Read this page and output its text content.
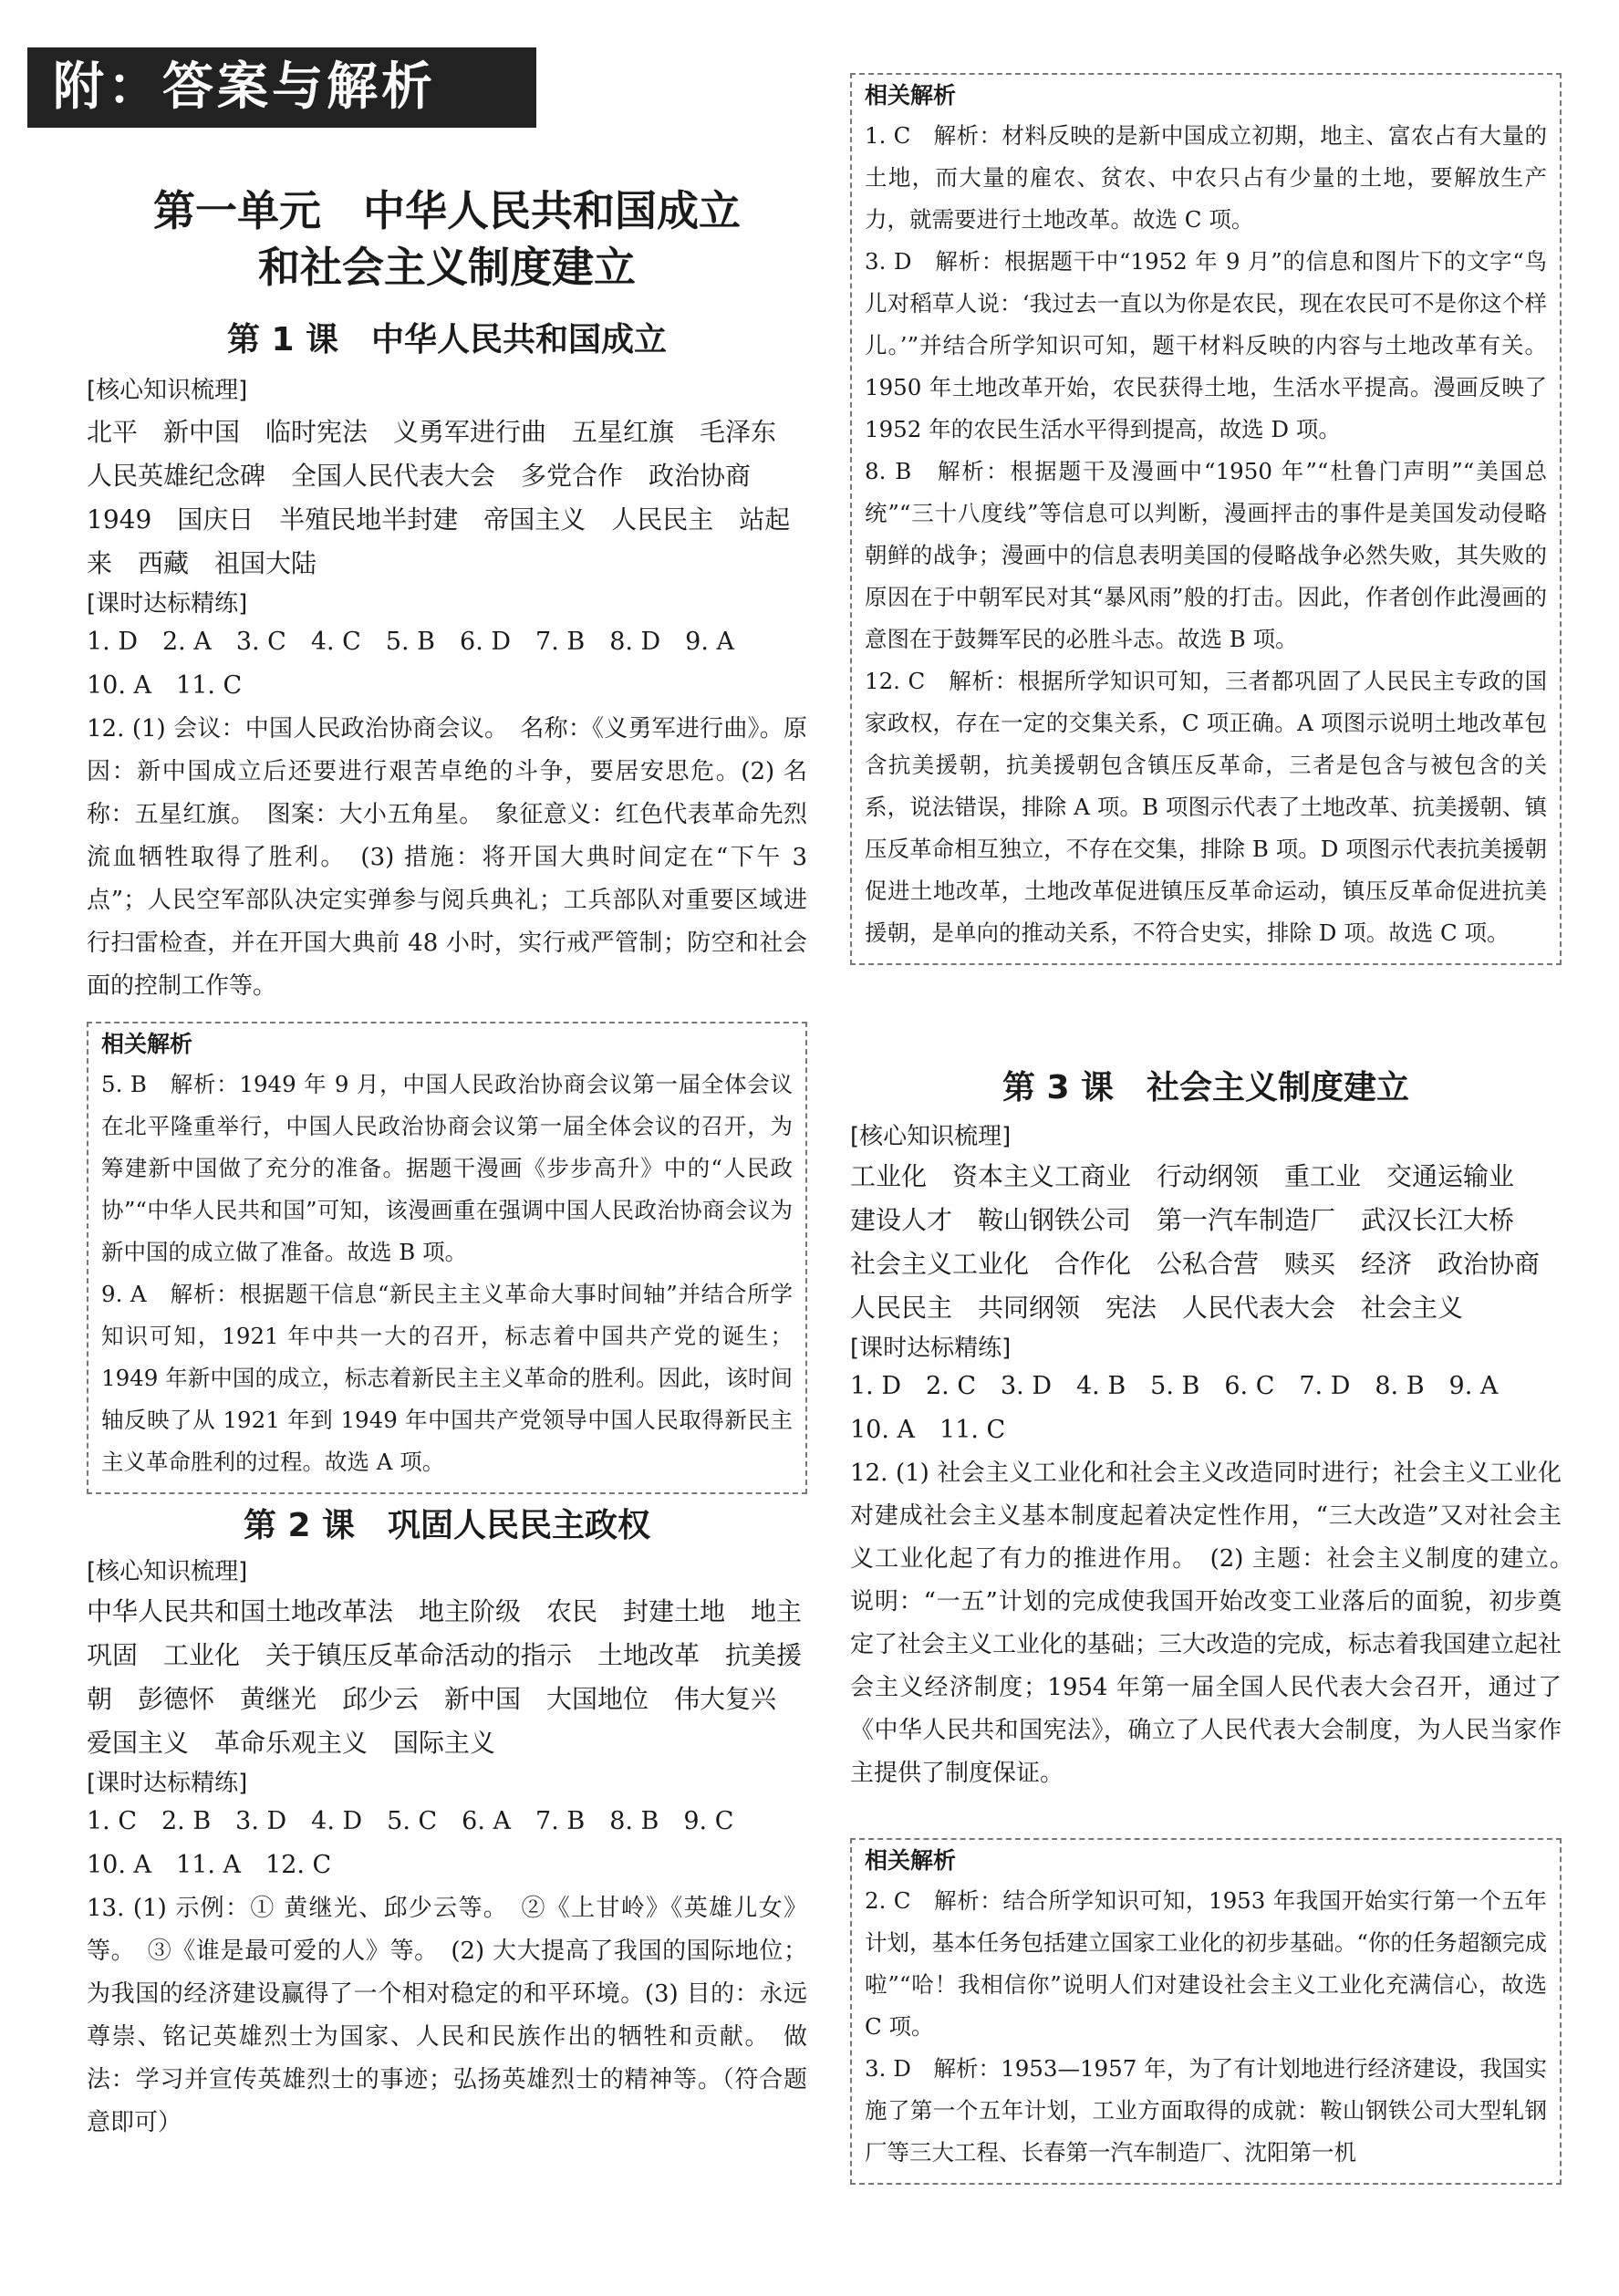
附：答案与解析
第一单元　中华人民共和国成立
和社会主义制度建立
第 1 课　中华人民共和国成立
[核心知识梳理]
北平　新中国　临时宪法　义勇军进行曲　五星红旗　毛泽东　人民英雄纪念碑　全国人民代表大会　多党合作　政治协商　1949　国庆日　半殖民地半封建　帝国主义　人民民主　站起来　西藏　祖国大陆
[课时达标精练]
1. D　2. A　3. C　4. C　5. B　6. D　7. B　8. D　9. A
10. A　11. C
12. (1) 会议：中国人民政治协商会议。　名称：《义勇军进行曲》。原因：新中国成立后还要进行艰苦卓绝的斗争，要居安思危。(2) 名称：五星红旗。　图案：大小五角星。　象征意义：红色代表革命先烈流血牺牲取得了胜利。　(3) 措施：将开国大典时间定在“下午 3 点”；人民空军部队决定实弹参与阅兵典礼；工兵部队对重要区域进行扫雷检查，并在开国大典前 48 小时，实行戒严管制；防空和社会面的控制工作等。
相关解析
5. B　解析：1949 年 9 月，中国人民政治协商会议第一届全体会议在北平隆重举行，中国人民政治协商会议第一届全体会议的召开，为筹建新中国做了充分的准备。据题干漫画《步步高升》中的“人民政协”“中华人民共和国”可知，该漫画重在强调中国人民政治协商会议为新中国的成立做了准备。故选 B 项。
9. A　解析：根据题干信息“新民主主义革命大事时间轴”并结合所学知识可知，1921 年中共一大的召开，标志着中国共产党的诞生；1949 年新中国的成立，标志着新民主主义革命的胜利。因此，该时间轴反映了从 1921 年到 1949 年中国共产党领导中国人民取得新民主主义革命胜利的过程。故选 A 项。
第 2 课　巩固人民民主政权
[核心知识梳理]
中华人民共和国土地改革法　地主阶级　农民　封建土地　地主　巩固　工业化　关于镇压反革命活动的指示　土地改革　抗美援朝　彭德怀　黄继光　邱少云　新中国　大国地位　伟大复兴　爱国主义　革命乐观主义　国际主义
[课时达标精练]
1. C　2. B　3. D　4. D　5. C　6. A　7. B　8. B　9. C
10. A　11. A　12. C
13. (1) 示例：① 黄继光、邱少云等。　②《上甘岭》《英雄儿女》等。　③《谁是最可爱的人》等。　(2) 大大提高了我国的国际地位；为我国的经济建设赢得了一个相对稳定的和平环境。(3) 目的：永远尊崇、铭记英雄烈士为国家、人民和民族作出的牺牲和贡献。　做法：学习并宣传英雄烈士的事迹；弘扬英雄烈士的精神等。（符合题意即可）
相关解析
1. C　解析：材料反映的是新中国成立初期，地主、富农占有大量的土地，而大量的雇农、贫农、中农只占有少量的土地，要解放生产力，就需要进行土地改革。故选 C 项。
3. D　解析：根据题干中“1952 年 9 月”的信息和图片下的文字“鸟儿对稻草人说：‘我过去一直以为你是农民，现在农民可不是你这个样儿。’”并结合所学知识可知，题干材料反映的内容与土地改革有关。1950 年土地改革开始，农民获得土地，生活水平提高。漫画反映了 1952 年的农民生活水平得到提高，故选 D 项。
8. B　解析：根据题干及漫画中“1950 年”“杜鲁门声明”“美国总统”“三十八度线”等信息可以判断，漫画抨击的事件是美国发动侵略朝鲜的战争；漫画中的信息表明美国的侵略战争必然失败，其失败的原因在于中朝军民对其“暴风雨”般的打击。因此，作者创作此漫画的意图在于鼓舞军民的必胜斗志。故选 B 项。
12. C　解析：根据所学知识可知，三者都巩固了人民民主专政的国家政权，存在一定的交集关系，C 项正确。A 项图示说明土地改革包含抗美援朝，抗美援朝包含镇压反革命，三者是包含与被包含的关系，说法错误，排除 A 项。B 项图示代表了土地改革、抗美援朝、镇压反革命相互独立，不存在交集，排除 B 项。D 项图示代表抗美援朝促进土地改革，土地改革促进镇压反革命运动，镇压反革命促进抗美援朝，是单向的推动关系，不符合史实，排除 D 项。故选 C 项。
第 3 课　社会主义制度建立
[核心知识梳理]
工业化　资本主义工商业　行动纲领　重工业　交通运输业　建设人才　鞍山钢铁公司　第一汽车制造厂　武汉长江大桥　社会主义工业化　合作化　公私合营　赎买　经济　政治协商　人民民主　共同纲领　宪法　人民代表大会　社会主义
[课时达标精练]
1. D　2. C　3. D　4. B　5. B　6. C　7. D　8. B　9. A
10. A　11. C
12. (1) 社会主义工业化和社会主义改造同时进行；社会主义工业化对建成社会主义基本制度起着决定性作用，“三大改造”又对社会主义工业化起了有力的推进作用。　(2) 主题：社会主义制度的建立。　说明：“一五”计划的完成使我国开始改变工业落后的面貌，初步奠定了社会主义工业化的基础；三大改造的完成，标志着我国建立起社会主义经济制度；1954 年第一届全国人民代表大会召开，通过了《中华人民共和国宪法》，确立了人民代表大会制度，为人民当家作主提供了制度保证。
相关解析
2. C　解析：结合所学知识可知，1953 年我国开始实行第一个五年计划，基本任务包括建立国家工业化的初步基础。“你的任务超额完成啦”“哈！我相信你”说明人们对建设社会主义工业化充满信心，故选 C 项。
3. D　解析：1953—1957 年，为了有计划地进行经济建设，我国实施了第一个五年计划，工业方面取得的成就：鞍山钢铁公司大型轧钢厂等三大工程、长春第一汽车制造厂、沈阳第一机
